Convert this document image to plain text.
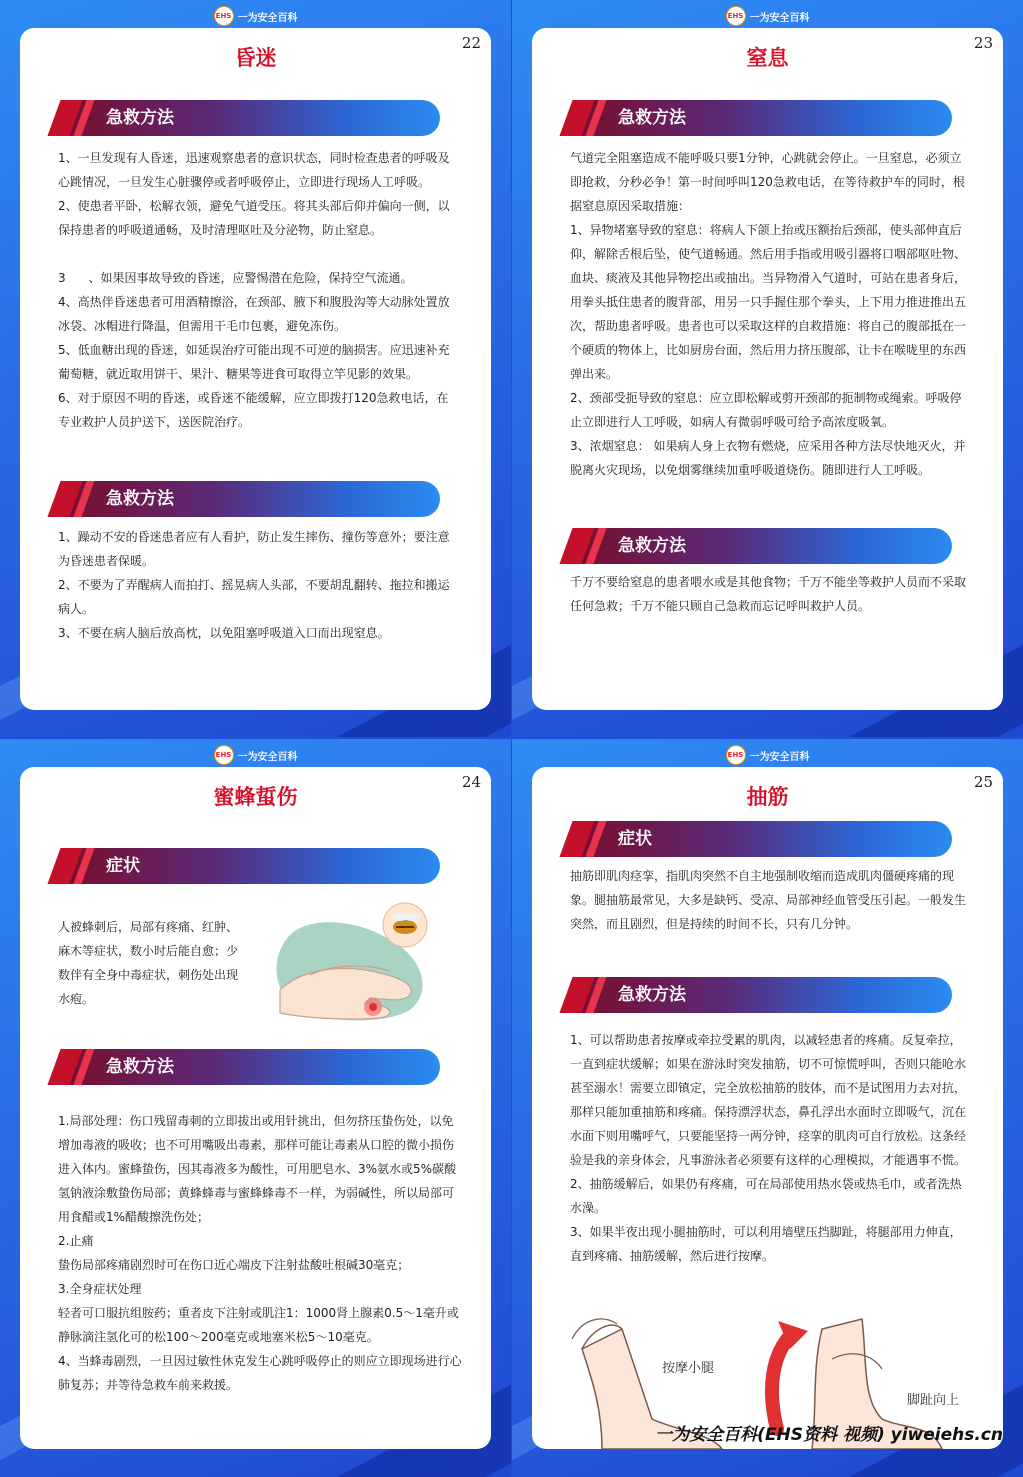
EHS 一为安全百科
昏迷
22
急救方法

1、一旦发现有人昏迷，迅速观察患者的意识状态，同时检查患者的呼吸及心跳情况，一旦发生心脏骤停或者呼吸停止，立即进行现场人工呼吸。

2、使患者平卧，松解衣领，避免气道受压。将其头部后仰并偏向一侧，以保持患者的呼吸道通畅，及时清理呕吐及分泌物，防止窒息。

3      、如果因事故导致的昏迷，应警惕潜在危险，保持空气流通。

4、高热伴昏迷患者可用酒精擦浴，在颈部、腋下和腹股沟等大动脉处置放冰袋、冰帽进行降温，但需用干毛巾包裹，避免冻伤。

5、低血糖出现的昏迷，如延误治疗可能出现不可逆的脑损害。应迅速补充葡萄糖，就近取用饼干、果汁、糖果等进食可取得立竿见影的效果。

6、对于原因不明的昏迷，或昏迷不能缓解，应立即拨打120急救电话，在专业救护人员护送下，送医院治疗。

急救方法

1、躁动不安的昏迷患者应有人看护，防止发生摔伤、撞伤等意外；要注意为昏迷患者保暖。

2、不要为了弄醒病人而拍打、摇晃病人头部，不要胡乱翻转、拖拉和搬运病人。

3、不要在病人脑后放高枕，以免阻塞呼吸道入口而出现窒息。

EHS 一为安全百科
窒息
23
急救方法

气道完全阻塞造成不能呼吸只要1分钟，心跳就会停止。一旦窒息，必须立即抢救，分秒必争！第一时间呼叫120急救电话，在等待救护车的同时，根据窒息原因采取措施：

1、异物堵塞导致的窒息：将病人下颌上抬或压额抬后颈部，使头部伸直后仰，解除舌根后坠，使气道畅通。然后用手指或用吸引器将口咽部呕吐物、血块、痰液及其他异物挖出或抽出。当异物滑入气道时，可站在患者身后，用拳头抵住患者的腹背部，用另一只手握住那个拳头，上下用力推进推出五次，帮助患者呼吸。患者也可以采取这样的自救措施：将自己的腹部抵在一个硬质的物体上，比如厨房台面，然后用力挤压腹部，让卡在喉咙里的东西弹出来。

2、颈部受扼导致的窒息：应立即松解或剪开颈部的扼制物或绳索。呼吸停止立即进行人工呼吸，如病人有微弱呼吸可给予高浓度吸氧。

3、浓烟窒息： 如果病人身上衣物有燃烧，应采用各种方法尽快地灭火，并脱离火灾现场，以免烟雾继续加重呼吸道烧伤。随即进行人工呼吸。

急救方法

千万不要给窒息的患者喂水或是其他食物；千万不能坐等救护人员而不采取任何急救；千万不能只顾自己急救而忘记呼叫救护人员。

EHS 一为安全百科
蜜蜂蜇伤
24
症状

人被蜂刺后，局部有疼痛、红肿、麻木等症状，数小时后能自愈；少数伴有全身中毒症状，刺伤处出现水疱。

急救方法

1.局部处理：伤口残留毒刺的立即拔出或用针挑出，但勿挤压蛰伤处，以免增加毒液的吸收；也不可用嘴吸出毒素，那样可能让毒素从口腔的微小损伤进入体内。蜜蜂蛰伤，因其毒液多为酸性，可用肥皂水、3%氨水或5%碳酸氢钠液涂敷蛰伤局部；黄蜂蜂毒与蜜蜂蜂毒不一样，为弱碱性，所以局部可用食醋或1%醋酸擦洗伤处；

2.止痛

蛰伤局部疼痛剧烈时可在伤口近心端皮下注射盐酸吐根碱30毫克；

3.全身症状处理

轻者可口服抗组胺药；重者皮下注射或肌注1：1000肾上腺素0.5～1毫升或静脉滴注氢化可的松100～200毫克或地塞米松5～10毫克。

4、当蜂毒剧烈，一旦因过敏性休克发生心跳呼吸停止的则应立即现场进行心肺复苏；并等待急救车前来救援。

EHS 一为安全百科
抽筋
25
症状

抽筋即肌肉痉挛，指肌肉突然不自主地强制收缩而造成肌肉僵硬疼痛的现象。腿抽筋最常见，大多是缺钙、受凉、局部神经血管受压引起。一般发生突然，而且剧烈，但是持续的时间不长，只有几分钟。

急救方法

1、可以帮助患者按摩或牵拉受累的肌肉，以减轻患者的疼痛。反复牵拉，一直到症状缓解；如果在游泳时突发抽筋，切不可惊慌呼叫，否则只能呛水甚至溺水！需要立即镇定，完全放松抽筋的肢体，而不是试图用力去对抗，那样只能加重抽筋和疼痛。保持漂浮状态，鼻孔浮出水面时立即吸气，沉在水面下则用嘴呼气，只要能坚持一两分钟，痉挛的肌肉可自行放松。这条经验是我的亲身体会，凡事游泳者必须要有这样的心理模拟，才能遇事不慌。

2、抽筋缓解后，如果仍有疼痛，可在局部使用热水袋或热毛巾，或者洗热水澡。

3、如果半夜出现小腿抽筋时，可以利用墙壁压挡脚趾，将腿部用力伸直，直到疼痛、抽筋缓解，然后进行按摩。

按摩小腿
脚趾向上
一为安全百科(EHS资料 视频) yiweiehs.cn
